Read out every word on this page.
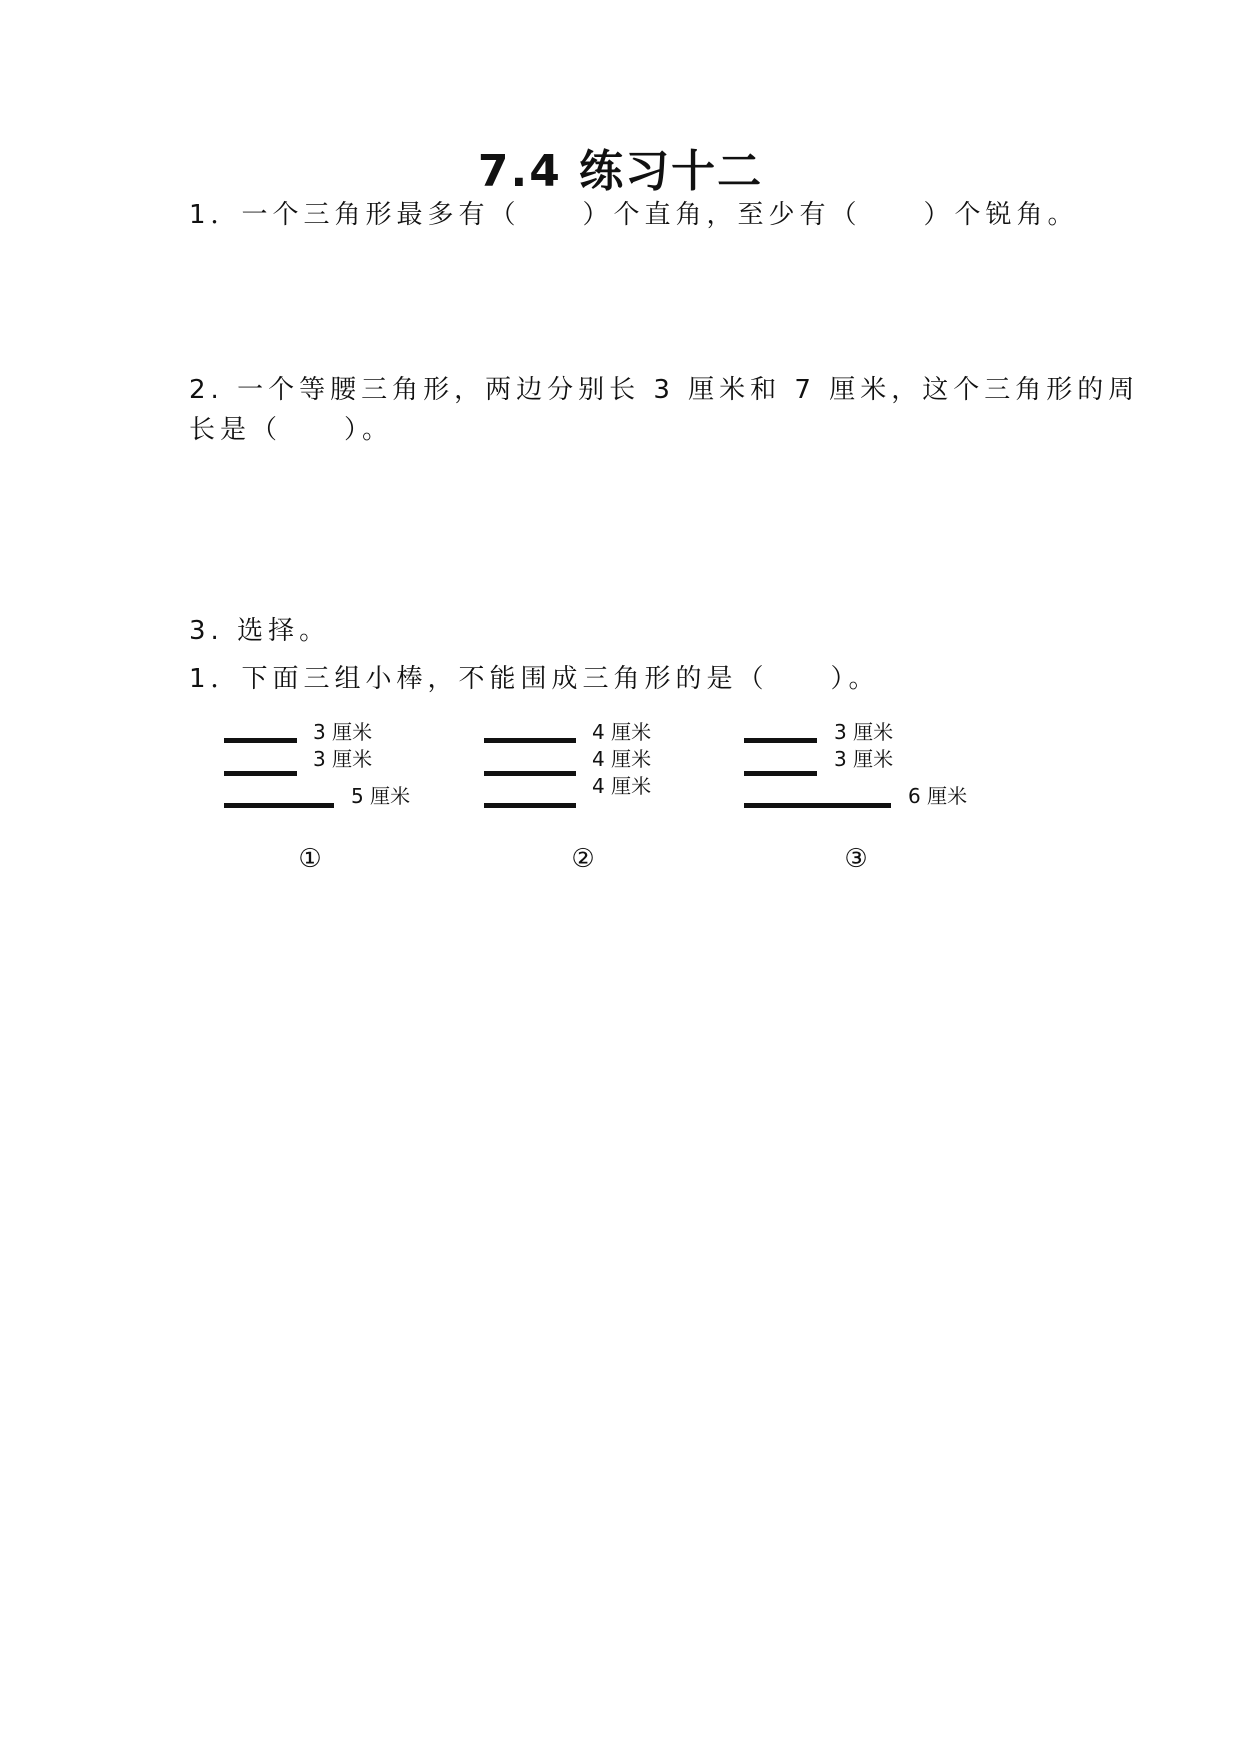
7.4 练习十二
1．一个三角形最多有（　　）个直角，至少有（　　）个锐角。
2. 一个等腰三角形，两边分别长 3 厘米和 7 厘米，这个三角形的周
长是（　　）。
3. 选择。
1．下面三组小棒，不能围成三角形的是（　　）。
3 厘米
3 厘米
5 厘米
①
4 厘米
4 厘米
4 厘米
②
3 厘米
3 厘米
6 厘米
③
